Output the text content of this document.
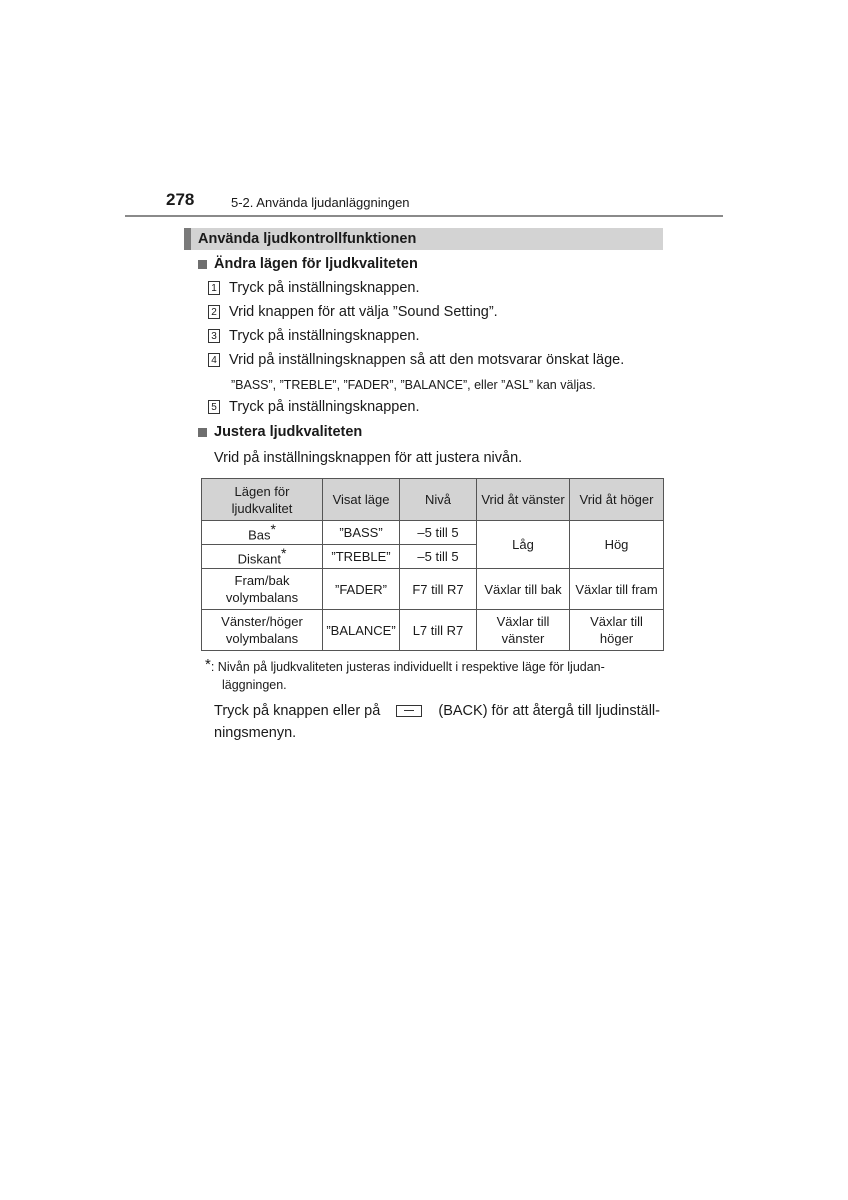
278	5-2. Använda ljudanläggningen
Använda ljudkontrollfunktionen
Ändra lägen för ljudkvaliteten
1 Tryck på inställningsknappen.
2 Vrid knappen för att välja ”Sound Setting”.
3 Tryck på inställningsknappen.
4 Vrid på inställningsknappen så att den motsvarar önskat läge.
”BASS”, ”TREBLE”, ”FADER”, ”BALANCE”, eller ”ASL” kan väljas.
5 Tryck på inställningsknappen.
Justera ljudkvaliteten
Vrid på inställningsknappen för att justera nivån.
Lägen för ljudkvalitet	Visat läge	Nivå	Vrid åt vänster	Vrid åt höger
Bas*	”BASS”	–5 till 5	Låg	Hög
Diskant*	”TREBLE”	–5 till 5		
Fram/bak volymbalans	”FADER”	F7 till R7	Växlar till bak	Växlar till fram
Vänster/höger volymbalans	”BALANCE”	L7 till R7	Växlar till vänster	Växlar till höger
*: Nivån på ljudkvaliteten justeras individuellt i respektive läge för ljudan-
läggningen.
Tryck på knappen eller på	(BACK) för att återgå till ljudinställ-
ningsmenyn.
